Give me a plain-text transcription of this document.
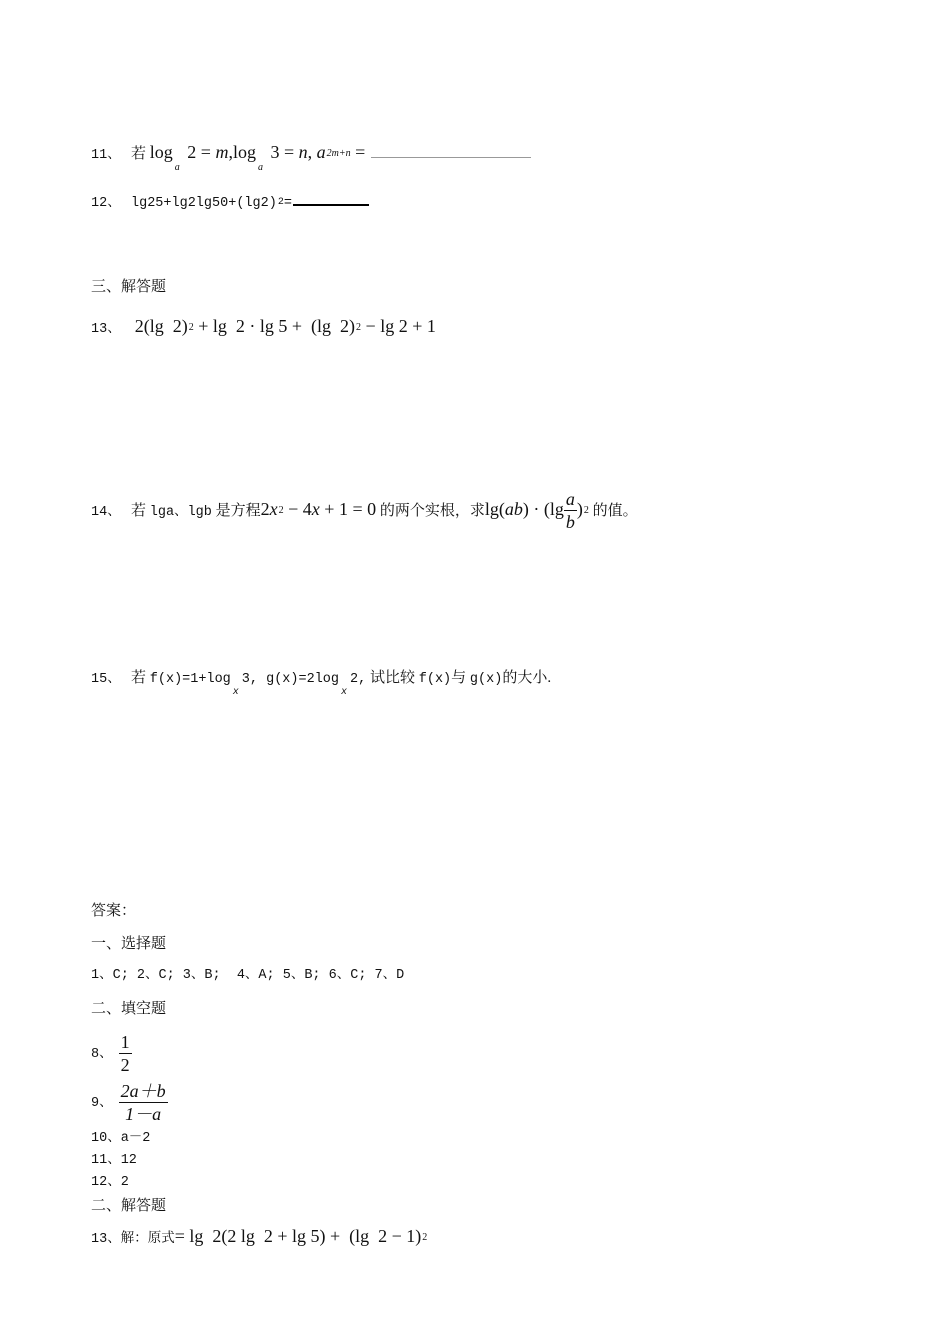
11、 若 $\log_a 2 = m,\log_a$ 3 = n, a2m+n =
12、 lg25+lg2lg50+(lg2)2=
三、解答题
13、 2(lg  2)2 + lg  2 · lg 5 +  (lg  2)2 − lg 2 + 1
14、 若 lga、lgb 是方程2x2 − 4x + 1 = 0 的两个实根，求$\lg(ab) \cdot (\lg \frac{a}{b} )2$ 的值。
15、 若 $f(x)=1+\log_x3$, $g(x)=2\log_x2$, 试比较 f(x)与 g(x)的大小.
答案：
一、选择题
1、C; 2、C; 3、B;  4、A; 5、B; 6、C; 7、D
二、填空题
8、 $\frac{1}{2}$
9、 $\frac{2a+b}{1-a}$
10、a－2
11、12
12、2
二、解答题
13、解：原式= lg  2(2 lg  2 + lg 5) +  (lg  2 − 1)2
